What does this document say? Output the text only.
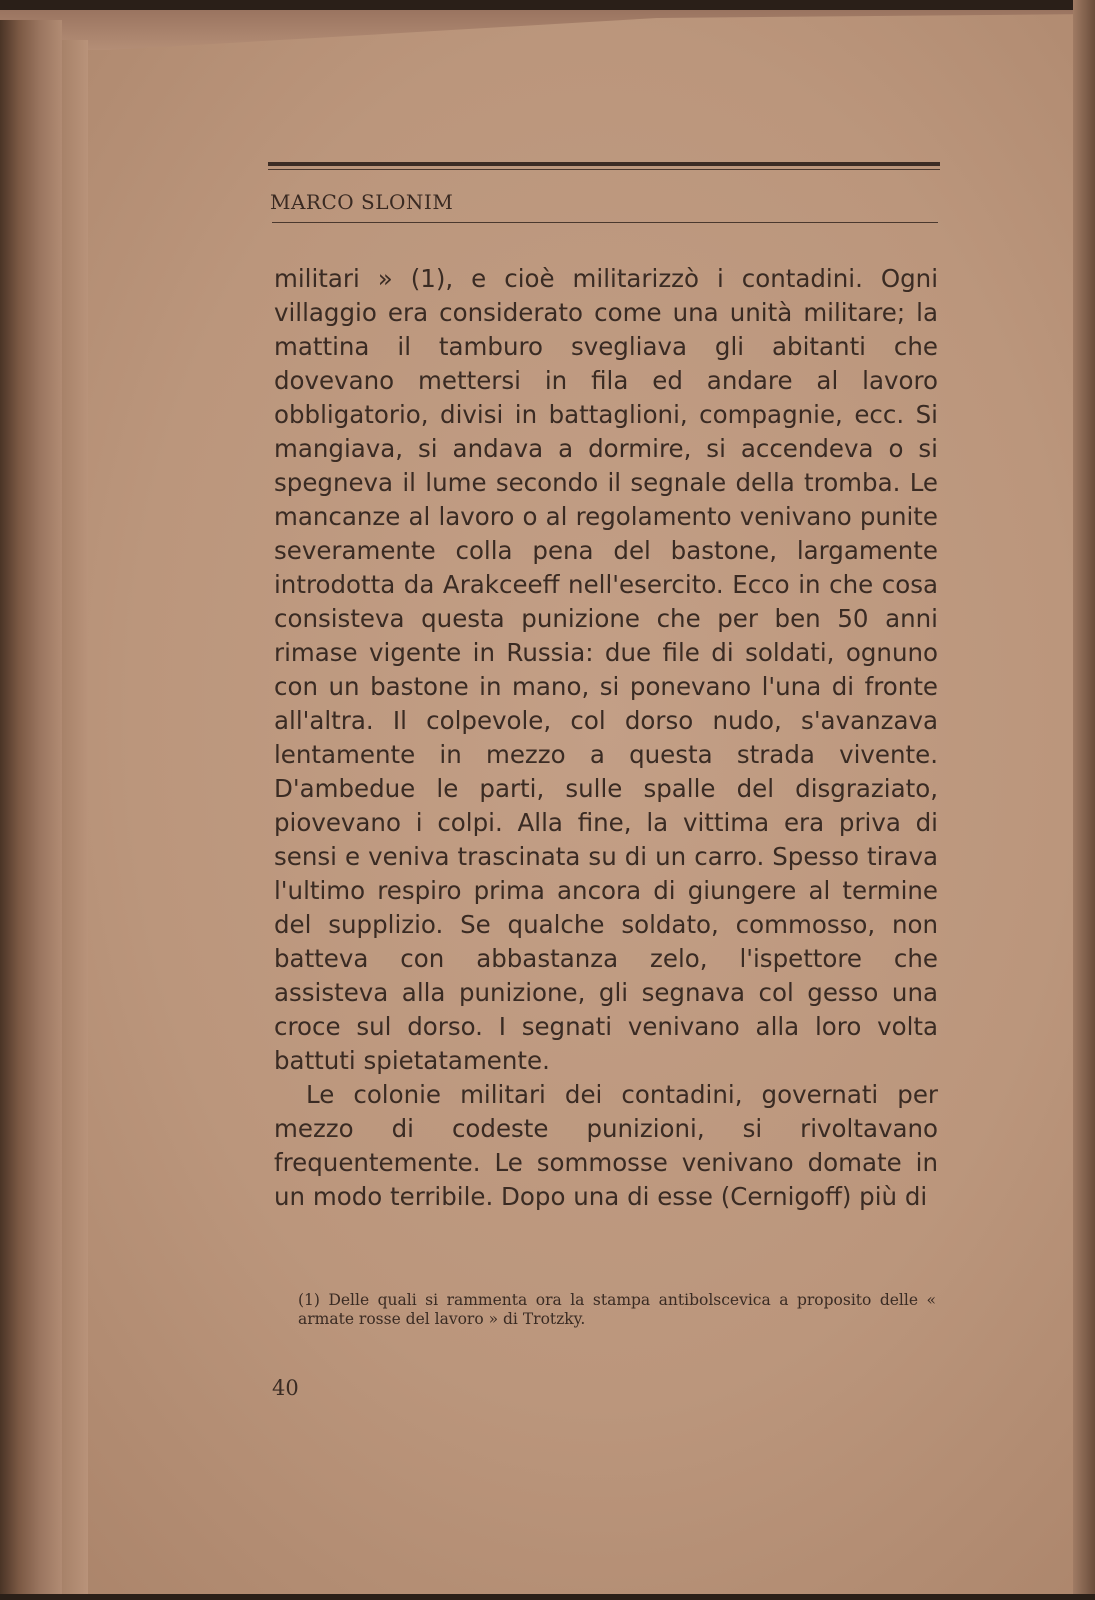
MARCO SLONIM

militari » (1), e cioè militarizzò i contadini. Ogni villaggio era considerato come una unità militare; la mattina il tamburo svegliava gli abitanti che dovevano mettersi in fila ed andare al lavoro obbligatorio, divisi in battaglioni, compagnie, ecc. Si mangiava, si andava a dormire, si accendeva o si spegneva il lume secondo il segnale della tromba. Le mancanze al lavoro o al regolamento venivano punite severamente colla pena del bastone, largamente introdotta da Arakceeff nell'esercito. Ecco in che cosa consisteva questa punizione che per ben 50 anni rimase vigente in Russia: due file di soldati, ognuno con un bastone in mano, si ponevano l'una di fronte all'altra. Il colpevole, col dorso nudo, s'avanzava lentamente in mezzo a questa strada vivente. D'ambedue le parti, sulle spalle del disgraziato, piovevano i colpi. Alla fine, la vittima era priva di sensi e veniva trascinata su di un carro. Spesso tirava l'ultimo respiro prima ancora di giungere al termine del supplizio. Se qualche soldato, commosso, non batteva con abbastanza zelo, l'ispettore che assisteva alla punizione, gli segnava col gesso una croce sul dorso. I segnati venivano alla loro volta battuti spietatamente.

Le colonie militari dei contadini, governati per mezzo di codeste punizioni, si rivoltavano frequentemente. Le sommosse venivano domate in un modo terribile. Dopo una di esse (Cernigoff) più di

(1) Delle quali si rammenta ora la stampa antibolscevica a proposito delle « armate rosse del lavoro » di Trotzky.
40
